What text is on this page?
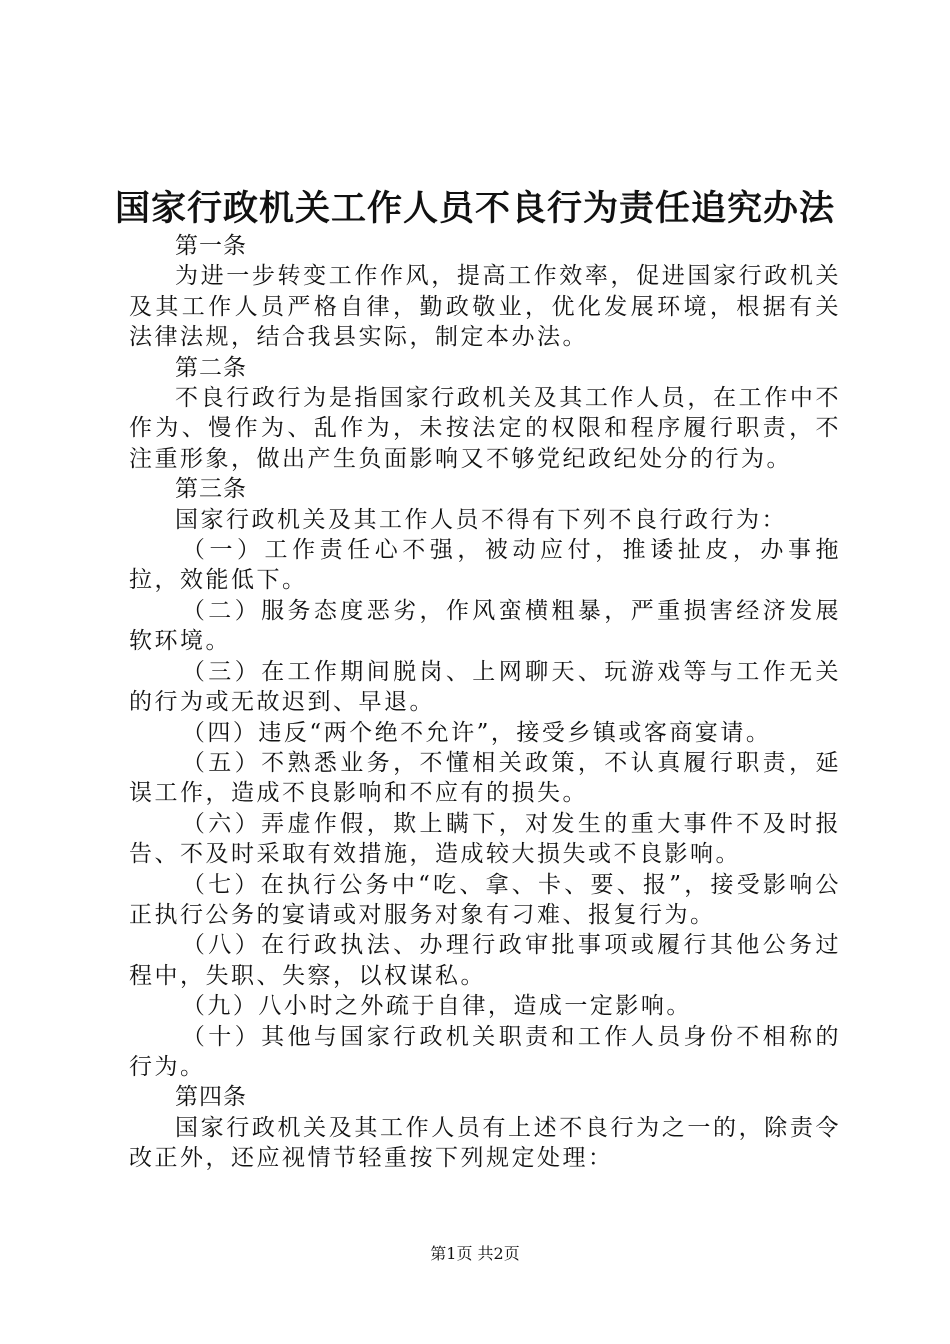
国家行政机关工作人员不良行为责任追究办法

第一条

为进一步转变工作作风，提高工作效率，促进国家行政机关及其工作人员严格自律，勤政敬业，优化发展环境，根据有关法律法规，结合我县实际，制定本办法。

第二条

不良行政行为是指国家行政机关及其工作人员，在工作中不作为、慢作为、乱作为，未按法定的权限和程序履行职责，不注重形象，做出产生负面影响又不够党纪政纪处分的行为。

第三条

国家行政机关及其工作人员不得有下列不良行政行为：

（一）工作责任心不强，被动应付，推诿扯皮，办事拖拉，效能低下。

（二）服务态度恶劣，作风蛮横粗暴，严重损害经济发展软环境。

（三）在工作期间脱岗、上网聊天、玩游戏等与工作无关的行为或无故迟到、早退。

（四）违反“两个绝不允许”，接受乡镇或客商宴请。

（五）不熟悉业务，不懂相关政策，不认真履行职责，延误工作，造成不良影响和不应有的损失。

（六）弄虚作假，欺上瞒下，对发生的重大事件不及时报告、不及时采取有效措施，造成较大损失或不良影响。

（七）在执行公务中“吃、拿、卡、要、报”，接受影响公正执行公务的宴请或对服务对象有刁难、报复行为。

（八）在行政执法、办理行政审批事项或履行其他公务过程中，失职、失察，以权谋私。

（九）八小时之外疏于自律，造成一定影响。

（十）其他与国家行政机关职责和工作人员身份不相称的行为。

第四条

国家行政机关及其工作人员有上述不良行为之一的，除责令改正外，还应视情节轻重按下列规定处理：

第1页 共2页
